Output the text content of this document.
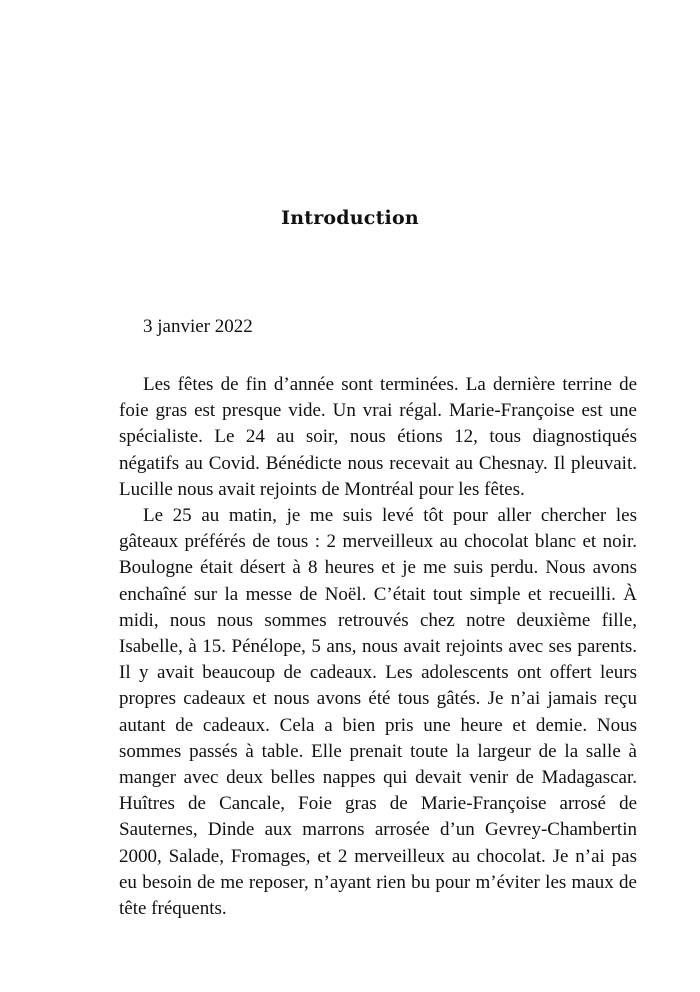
Introduction

3 janvier 2022

Les fêtes de fin d’année sont terminées. La dernière terrine de foie gras est presque vide. Un vrai régal. Marie-Françoise est une spécialiste. Le 24 au soir, nous étions 12, tous diagnostiqués négatifs au Covid. Bénédicte nous recevait au Chesnay. Il pleuvait. Lucille nous avait rejoints de Montréal pour les fêtes.

Le 25 au matin, je me suis levé tôt pour aller chercher les gâteaux préférés de tous : 2 merveilleux au chocolat blanc et noir. Boulogne était désert à 8 heures et je me suis perdu. Nous avons enchaîné sur la messe de Noël. C’était tout simple et recueilli. À midi, nous nous sommes retrouvés chez notre deuxième fille, Isabelle, à 15. Pénélope, 5 ans, nous avait rejoints avec ses parents. Il y avait beaucoup de cadeaux. Les adolescents ont offert leurs propres cadeaux et nous avons été tous gâtés. Je n’ai jamais reçu autant de cadeaux. Cela a bien pris une heure et demie. Nous sommes passés à table. Elle prenait toute la largeur de la salle à manger avec deux belles nappes qui devait venir de Madagascar. Huîtres de Cancale, Foie gras de Marie-Françoise arrosé de Sauternes, Dinde aux marrons arrosée d’un Gevrey-Chambertin 2000, Salade, Fromages, et 2 merveilleux au chocolat. Je n’ai pas eu besoin de me reposer, n’ayant rien bu pour m’éviter les maux de tête fréquents.
